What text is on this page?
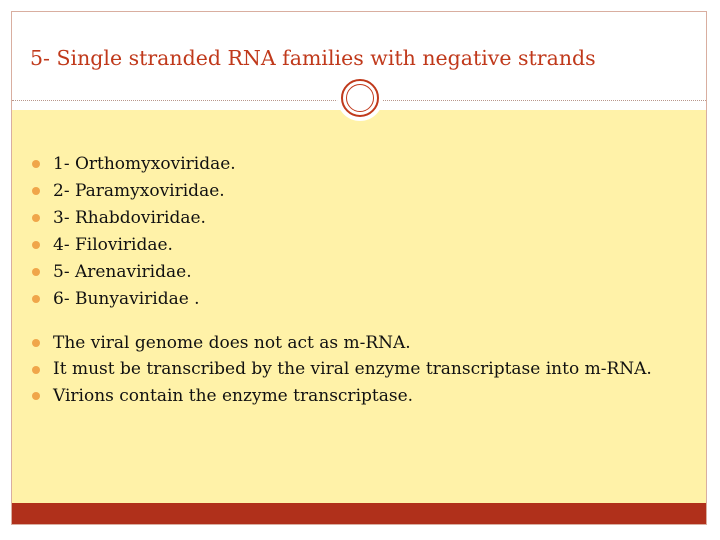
5- Single stranded RNA families with negative strands
1- Orthomyxoviridae.
2- Paramyxoviridae.
3- Rhabdoviridae.
4- Filoviridae.
5- Arenaviridae.
6- Bunyaviridae .
The viral genome does not act as m-RNA.
It must be transcribed by the viral enzyme transcriptase into m-RNA.
Virions contain the enzyme transcriptase.
